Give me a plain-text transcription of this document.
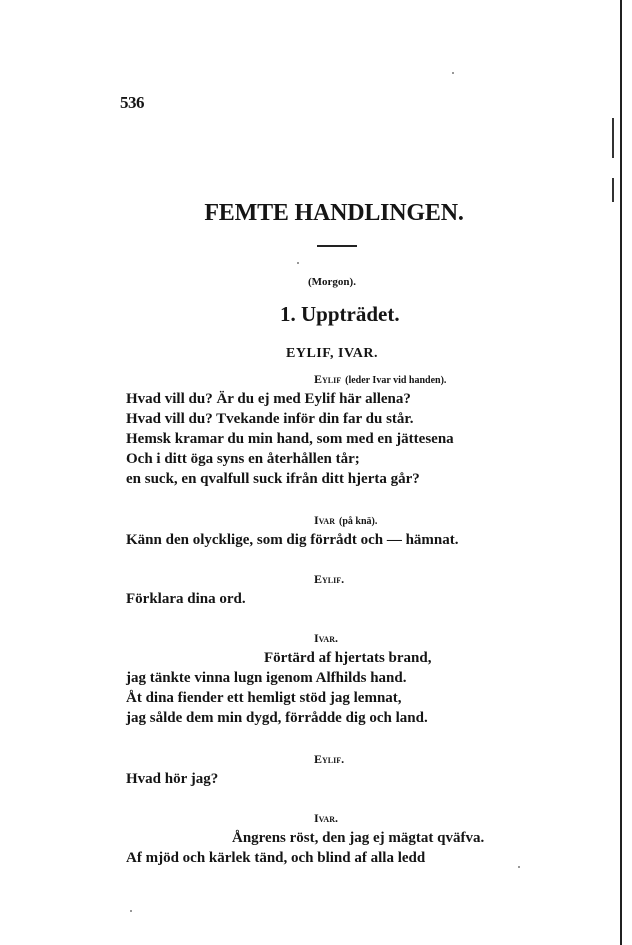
536
FEMTE HANDLINGEN.
(Morgon).
1. Uppträdet.
EYLIF, IVAR.
Eylif (leder Ivar vid handen).
Hvad vill du? Är du ej med Eylif här allena?
Hvad vill du? Tvekande inför din far du står.
Hemsk kramar du min hand, som med en jättesena
Och i ditt öga syns en återhållen tår;
en suck, en qvalfull suck ifrån ditt hjerta går?
Ivar (på knä).
Känn den olycklige, som dig förrådt och — hämnat.
Eylif.
Förklara dina ord.
Ivar.
Förtärd af hjertats brand,
jag tänkte vinna lugn igenom Alfhilds hand.
Åt dina fiender ett hemligt stöd jag lemnat,
jag sålde dem min dygd, förrådde dig och land.
Eylif.
Hvad hör jag?
Ivar.
Ångrens röst, den jag ej mägtat qväfva.
Af mjöd och kärlek tänd, och blind af alla ledd
